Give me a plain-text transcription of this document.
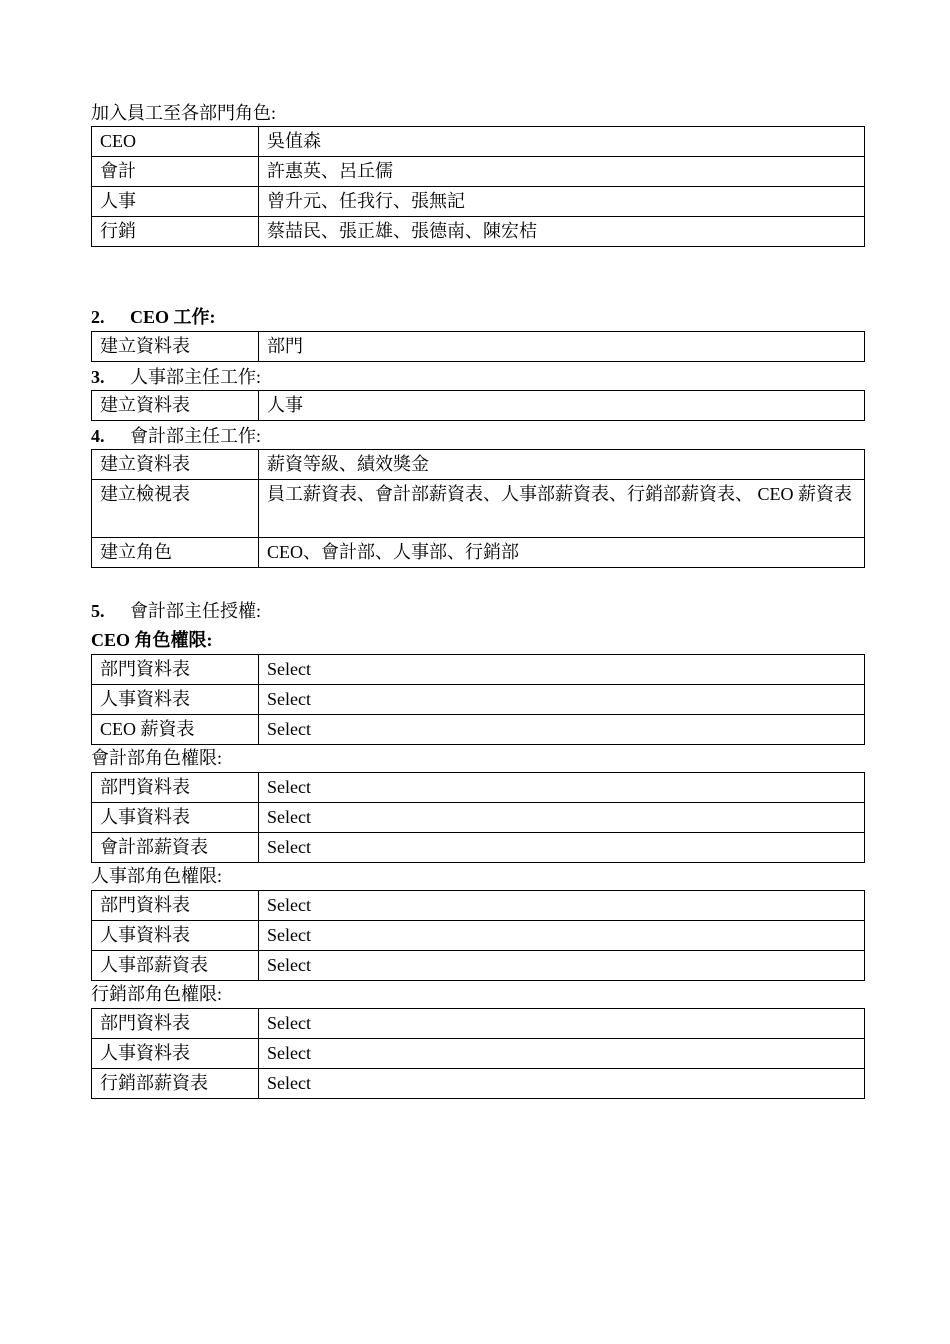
加入員工至各部門角色:
CEO	吳值森
會計	許惠英、呂丘儒
人事	曾升元、任我行、張無記
行銷	蔡喆民、張正雄、張德南、陳宏桔
2. CEO 工作:
建立資料表	部門
3. 人事部主任工作:
建立資料表	人事
4. 會計部主任工作:
建立資料表	薪資等級、績效獎金
建立檢視表	員工薪資表、會計部薪資表、人事部薪資表、行銷部薪資表、 CEO 薪資表
建立角色	CEO、會計部、人事部、行銷部
5. 會計部主任授權:
CEO 角色權限:
部門資料表	Select
人事資料表	Select
CEO 薪資表	Select
會計部角色權限:
部門資料表	Select
人事資料表	Select
會計部薪資表	Select
人事部角色權限:
部門資料表	Select
人事資料表	Select
人事部薪資表	Select
行銷部角色權限:
部門資料表	Select
人事資料表	Select
行銷部薪資表	Select
